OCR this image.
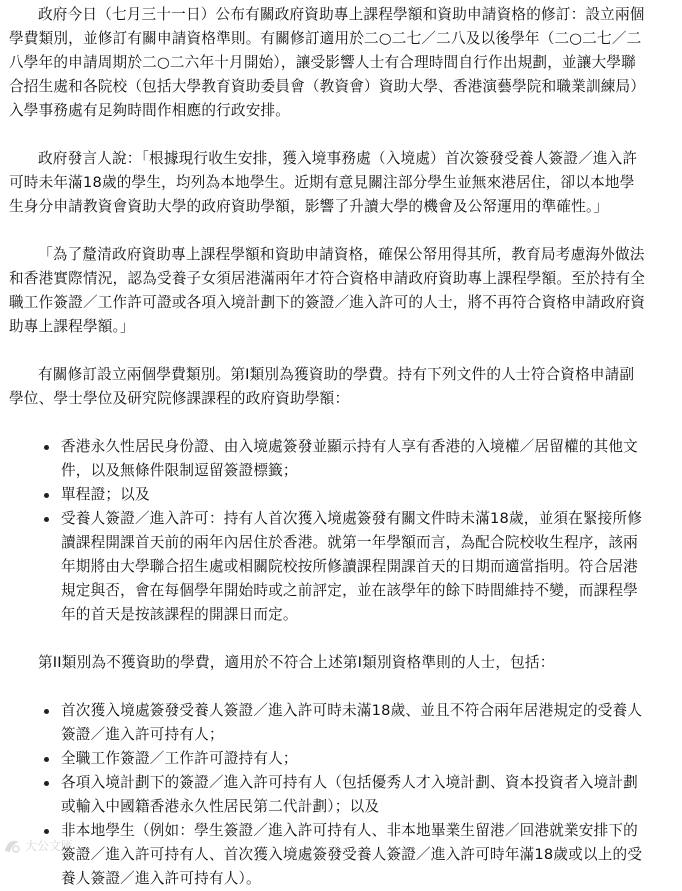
政府今日（七月三十一日）公布有關政府資助專上課程學額和資助申請資格的修訂：設立兩個學費類別，並修訂有關申請資格準則。有關修訂適用於二○二七／二八及以後學年（二○二七／二八學年的申請周期於二○二六年十月開始），讓受影響人士有合理時間自行作出規劃，並讓大學聯合招生處和各院校（包括大學教育資助委員會（教資會）資助大學、香港演藝學院和職業訓練局）入學事務處有足夠時間作相應的行政安排。

政府發言人說：「根據現行收生安排，獲入境事務處（入境處）首次簽發受養人簽證／進入許可時未年滿18歲的學生，均列為本地學生。近期有意見關注部分學生並無來港居住，卻以本地學生身分申請教資會資助大學的政府資助學額，影響了升讀大學的機會及公帑運用的準確性。」

「為了釐清政府資助專上課程學額和資助申請資格，確保公帑用得其所，教育局考慮海外做法和香港實際情況，認為受養子女須居港滿兩年才符合資格申請政府資助專上課程學額。至於持有全職工作簽證／工作許可證或各項入境計劃下的簽證／進入許可的人士，將不再符合資格申請政府資助專上課程學額。」

有關修訂設立兩個學費類別。第I類別為獲資助的學費。持有下列文件的人士符合資格申請副學位、學士學位及研究院修課課程的政府資助學額：

香港永久性居民身份證、由入境處簽發並顯示持有人享有香港的入境權／居留權的其他文件，以及無條件限制逗留簽證標籤；
單程證；以及
受養人簽證／進入許可：持有人首次獲入境處簽發有關文件時未滿18歲，並須在緊接所修讀課程開課首天前的兩年內居住於香港。就第一年學額而言，為配合院校收生程序，該兩年期將由大學聯合招生處或相關院校按所修讀課程開課首天的日期而適當指明。符合居港規定與否，會在每個學年開始時或之前評定，並在該學年的餘下時間維持不變，而課程學年的首天是按該課程的開課日而定。

第II類別為不獲資助的學費，適用於不符合上述第I類別資格準則的人士，包括：

首次獲入境處簽發受養人簽證／進入許可時未滿18歲、並且不符合兩年居港規定的受養人簽證／進入許可持有人；
全職工作簽證／工作許可證持有人；
各項入境計劃下的簽證／進入許可持有人（包括優秀人才入境計劃、資本投資者入境計劃或輸入中國籍香港永久性居民第二代計劃）；以及
非本地學生（例如：學生簽證／進入許可持有人、非本地畢業生留港／回港就業安排下的簽證／進入許可持有人、首次獲入境處簽發受養人簽證／進入許可時年滿18歲或以上的受養人簽證／進入許可持有人）。
大公文匯
